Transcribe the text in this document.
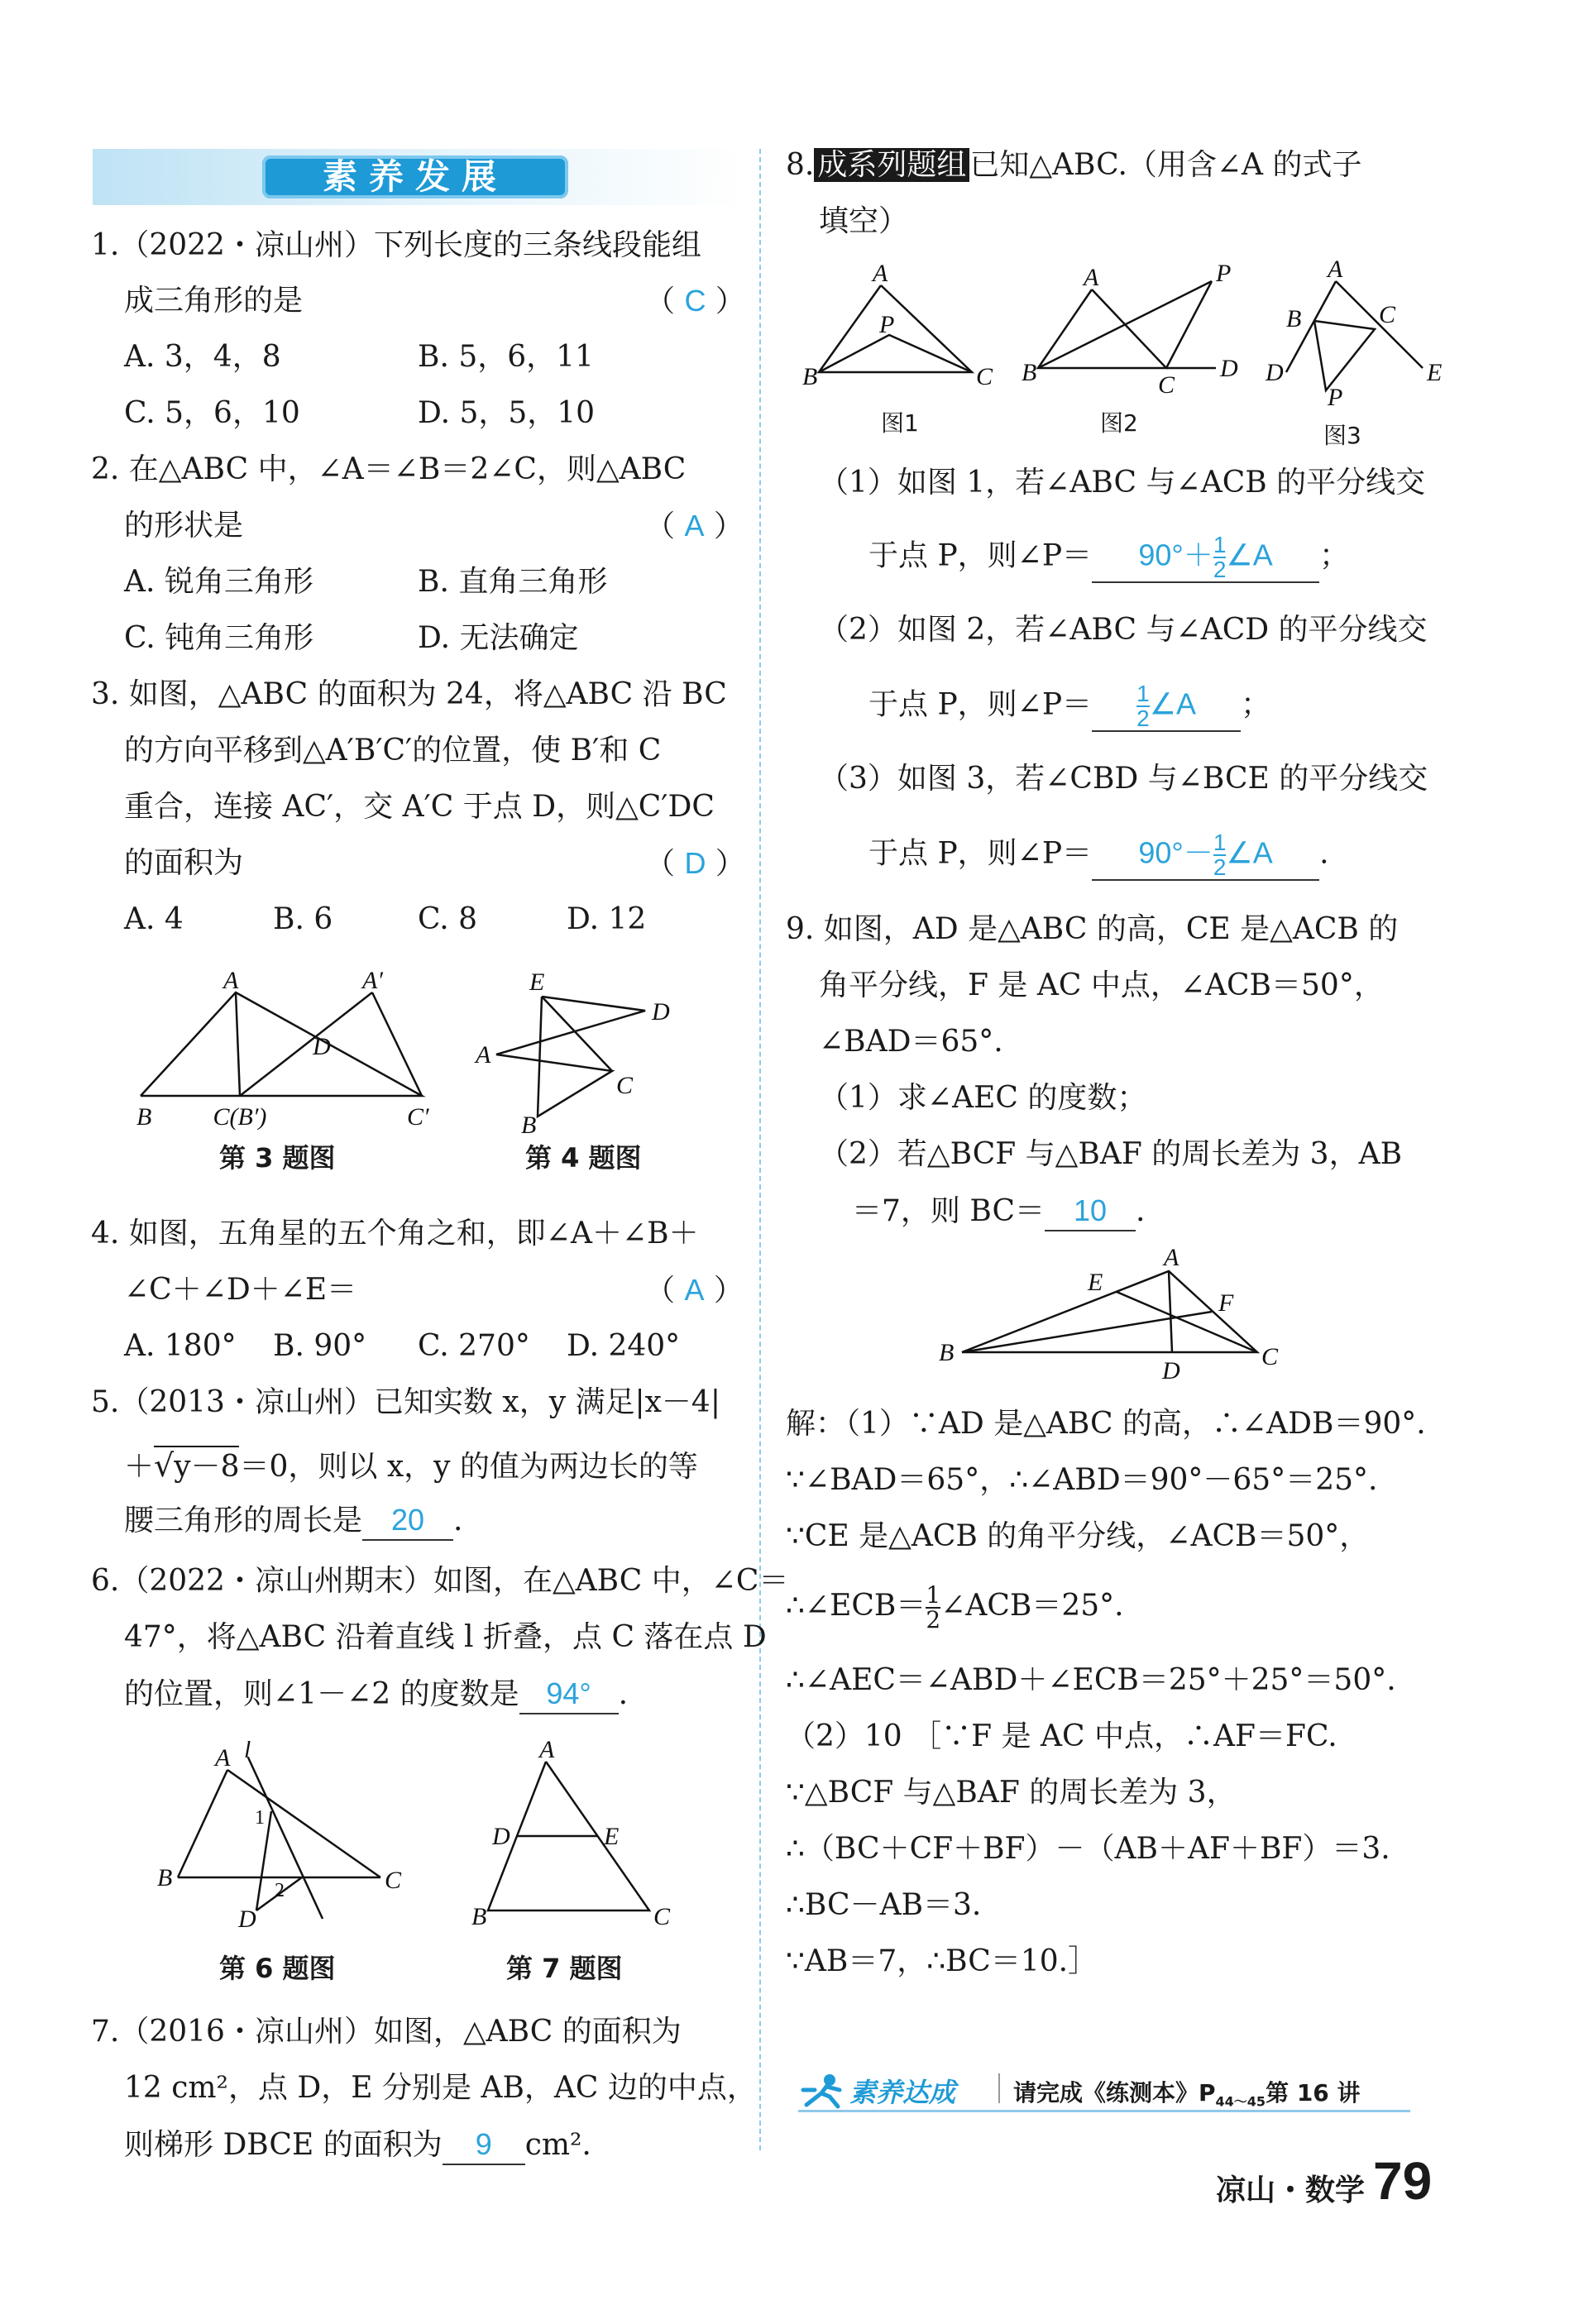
素养发展
1.（2022・凉山州）下列长度的三条线段能组
成三角形的是	（ C ）
A. 3，4，8	B. 5，6，11
C. 5，6，10	D. 5，5，10
2. 在△ABC 中，∠A＝∠B＝2∠C，则△ABC
的形状是	（ A ）
A. 锐角三角形	B. 直角三角形
C. 钝角三角形	D. 无法确定
3. 如图，△ABC 的面积为 24，将△ABC 沿 BC
的方向平移到△A′B′C′的位置，使 B′和 C
重合，连接 AC′，交 A′C 于点 D，则△C′DC
的面积为	（ D ）
A. 4	B. 6	C. 8	D. 12
A	A′
D
B C(B′)	C′
第 3 题图
E
D
A
C
B
第 4 题图
4. 如图，五角星的五个角之和，即∠A＋∠B＋
∠C＋∠D＋∠E＝	（ A ）
A. 180° B. 90° C. 270° D. 240°
5.（2013・凉山州）已知实数 x，y 满足|x－4|
＋√y－8＝0，则以 x，y 的值为两边长的等
腰三角形的周长是 20 .
6.（2022・凉山州期末）如图，在△ABC 中，∠C＝
47°，将△ABC 沿着直线 l 折叠，点 C 落在点 D
的位置，则∠1－∠2 的度数是 94° .
A l
1
2
B	C
D
第 6 题图
A
D	E
B	C
第 7 题图
7.（2016・凉山州）如图，△ABC 的面积为
12 cm²，点 D，E 分别是 AB，AC 边的中点，
则梯形 DBCE 的面积为 9 cm².
8. 成系列题组 已知△ABC.（用含∠A 的式子
填空）
A
P
B	C
A	P
B	C
D
A
B	C
D	E
P
图1	图2	图3
（1）如图 1，若∠ABC 与∠ACB 的平分线交
于点 P，则∠P＝ $90^\circ+ \frac{1}{2}$ ∠A ；
（2）如图 2，若∠ABC 与∠ACD 的平分线交
于点 P，则∠P＝ $\frac{1}{2}$ ∠A ；
（3）如图 3，若∠CBD 与∠BCE 的平分线交
于点 P，则∠P＝ $90^\circ- \frac{1}{2}$ ∠A .
9. 如图，AD 是△ABC 的高，CE 是△ACB 的
角平分线，F 是 AC 中点，∠ACB＝50°，
∠BAD＝65°.
（1）求∠AEC 的度数；
（2）若△BCF 与△BAF 的周长差为 3，AB
＝7，则 BC＝ 10 .
A
E
F
B	C
D
解：（1）∵AD 是△ABC 的高，∴∠ADB＝90°.
∵∠BAD＝65°，∴∠ABD＝90°－65°＝25°.
∵CE 是△ACB 的角平分线，∠ACB＝50°，
∴∠ECB＝ $\frac{1}{2}$ ∠ACB＝25°.
∴∠AEC＝∠ABD＋∠ECB＝25°＋25°＝50°.
（2）10 ［∵F 是 AC 中点，∴AF＝FC.
∵△BCF 与△BAF 的周长差为 3，
∴（BC＋CF＋BF）－（AB＋AF＋BF）＝3.
∴BC－AB＝3.
∵AB＝7，∴BC＝10.］
素养达成 请完成《练测本》$P_{44\sim 45}$第 16 讲
凉山・数学 79
